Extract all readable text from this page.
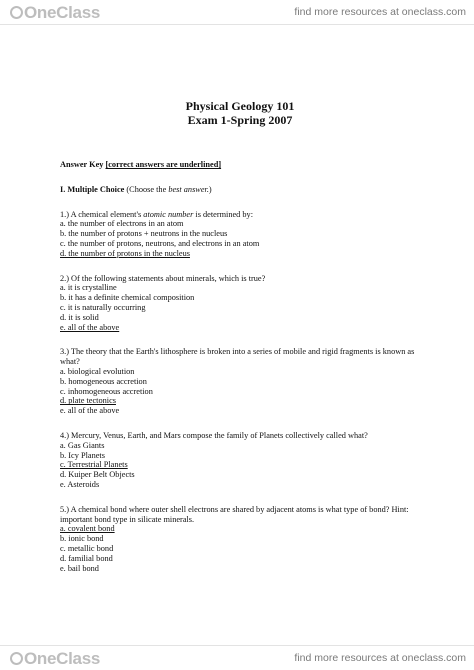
OneClass	find more resources at oneclass.com

Physical Geology 101

Exam 1-Spring 2007

Answer Key [correct answers are underlined]
I. Multiple Choice (Choose the best answer.)

1.) A chemical element's atomic number is determined by:

a. the number of electrons in an atom

b. the number of protons + neutrons in the nucleus

c. the number of protons, neutrons, and electrons in an atom

d. the number of protons in the nucleus

2.) Of the following statements about minerals, which is true?

a. it is crystalline

b. it has a definite chemical composition

c. it is naturally occurring

d. it is solid

e. all of the above

3.) The theory that the Earth's lithosphere is broken into a series of mobile and rigid fragments is known as what?

a. biological evolution

b. homogeneous accretion

c. inhomogeneous accretion

d. plate tectonics

e. all of the above

4.) Mercury, Venus, Earth, and Mars compose the family of Planets collectively called what?

a. Gas Giants

b. Icy Planets

c. Terrestrial Planets

d. Kuiper Belt Objects

e. Asteroids

5.) A chemical bond where outer shell electrons are shared by adjacent atoms is what type of bond? Hint: important bond type in silicate minerals.

a. covalent bond

b. ionic bond

c. metallic bond

d. familial bond

e. bail bond

OneClass	find more resources at oneclass.com
